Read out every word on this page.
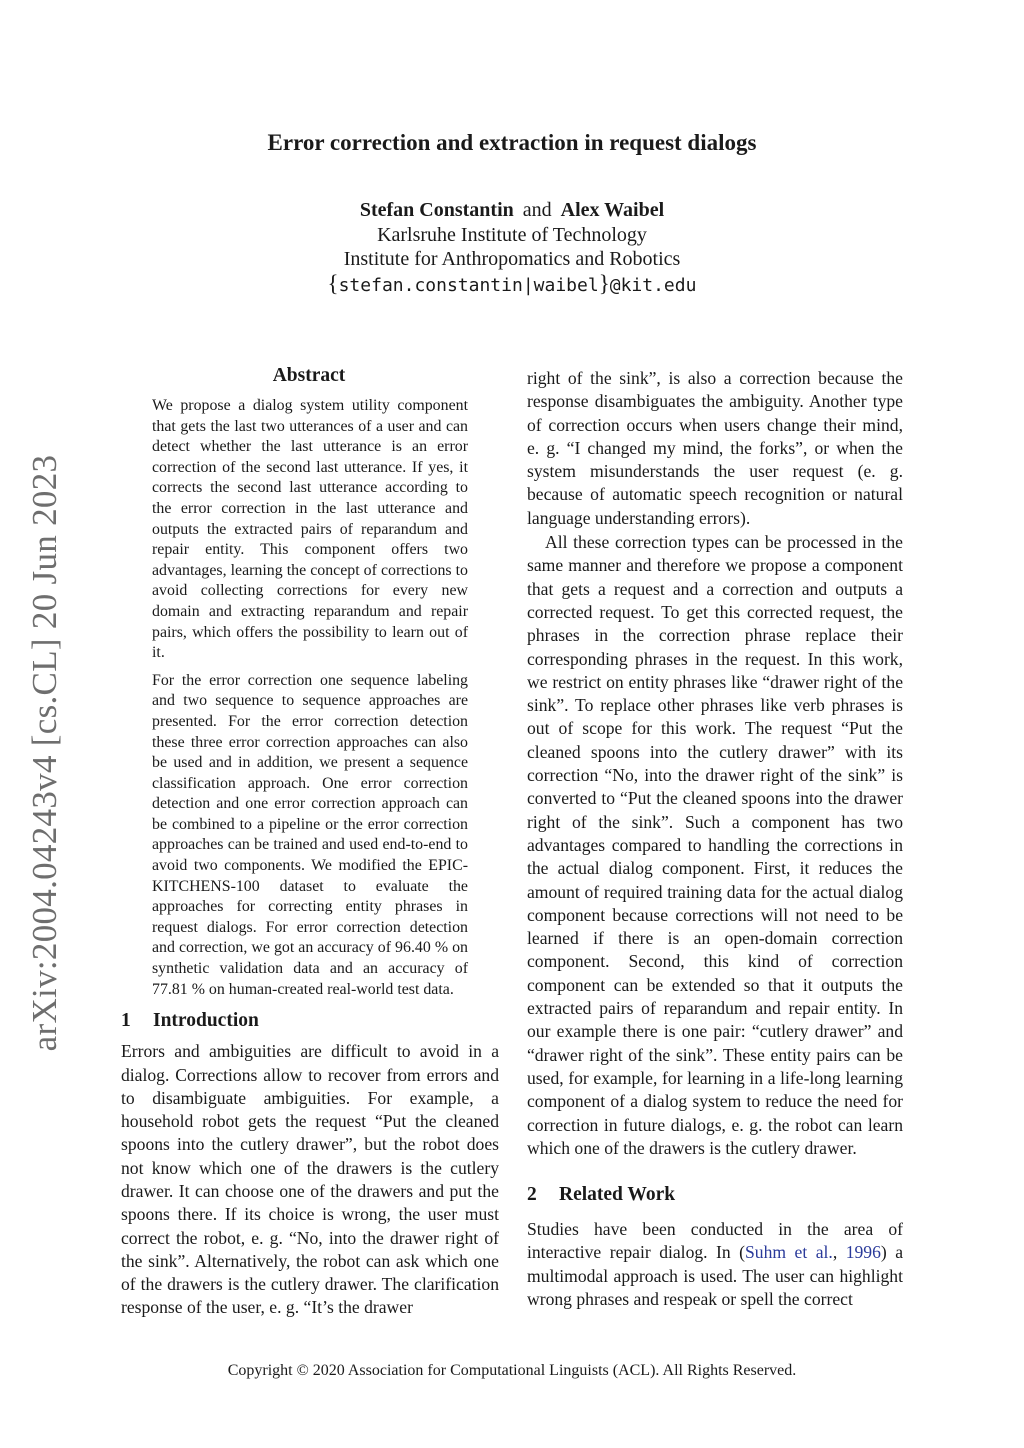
arXiv:2004.04243v4 [cs.CL] 20 Jun 2023
Error correction and extraction in request dialogs
Stefan Constantin and Alex Waibel
Karlsruhe Institute of Technology
Institute for Anthropomatics and Robotics
{stefan.constantin|waibel}@kit.edu
Abstract

We propose a dialog system utility component that gets the last two utterances of a user and can detect whether the last utterance is an error correction of the second last utterance. If yes, it corrects the second last utterance according to the error correction in the last utterance and outputs the extracted pairs of reparandum and repair entity. This component offers two advantages, learning the concept of corrections to avoid collecting corrections for every new domain and extracting reparandum and repair pairs, which offers the possibility to learn out of it.

For the error correction one sequence labeling and two sequence to sequence approaches are presented. For the error correction detection these three error correction approaches can also be used and in addition, we present a sequence classification approach. One error correction detection and one error correction approach can be combined to a pipeline or the error correction approaches can be trained and used end-to-end to avoid two components. We modified the EPIC-KITCHENS-100 dataset to evaluate the approaches for correcting entity phrases in request dialogs. For error correction detection and correction, we got an accuracy of 96.40 % on synthetic validation data and an accuracy of 77.81 % on human-created real-world test data.

1 Introduction

Errors and ambiguities are difficult to avoid in a dialog. Corrections allow to recover from errors and to disambiguate ambiguities. For example, a household robot gets the request “Put the cleaned spoons into the cutlery drawer”, but the robot does not know which one of the drawers is the cutlery drawer. It can choose one of the drawers and put the spoons there. If its choice is wrong, the user must correct the robot, e. g. “No, into the drawer right of the sink”. Alternatively, the robot can ask which one of the drawers is the cutlery drawer. The clarification response of the user, e. g. “It’s the drawer

right of the sink”, is also a correction because the response disambiguates the ambiguity. Another type of correction occurs when users change their mind, e. g. “I changed my mind, the forks”, or when the system misunderstands the user request (e. g. because of automatic speech recognition or natural language understanding errors).

All these correction types can be processed in the same manner and therefore we propose a component that gets a request and a correction and outputs a corrected request. To get this corrected request, the phrases in the correction phrase replace their corresponding phrases in the request. In this work, we restrict on entity phrases like “drawer right of the sink”. To replace other phrases like verb phrases is out of scope for this work. The request “Put the cleaned spoons into the cutlery drawer” with its correction “No, into the drawer right of the sink” is converted to “Put the cleaned spoons into the drawer right of the sink”. Such a component has two advantages compared to handling the corrections in the actual dialog component. First, it reduces the amount of required training data for the actual dialog component because corrections will not need to be learned if there is an open-domain correction component. Second, this kind of correction component can be extended so that it outputs the extracted pairs of reparandum and repair entity. In our example there is one pair: “cutlery drawer” and “drawer right of the sink”. These entity pairs can be used, for example, for learning in a life-long learning component of a dialog system to reduce the need for correction in future dialogs, e. g. the robot can learn which one of the drawers is the cutlery drawer.

2 Related Work

Studies have been conducted in the area of interactive repair dialog. In (Suhm et al., 1996) a multimodal approach is used. The user can highlight wrong phrases and respeak or spell the correct

Copyright © 2020 Association for Computational Linguists (ACL). All Rights Reserved.
